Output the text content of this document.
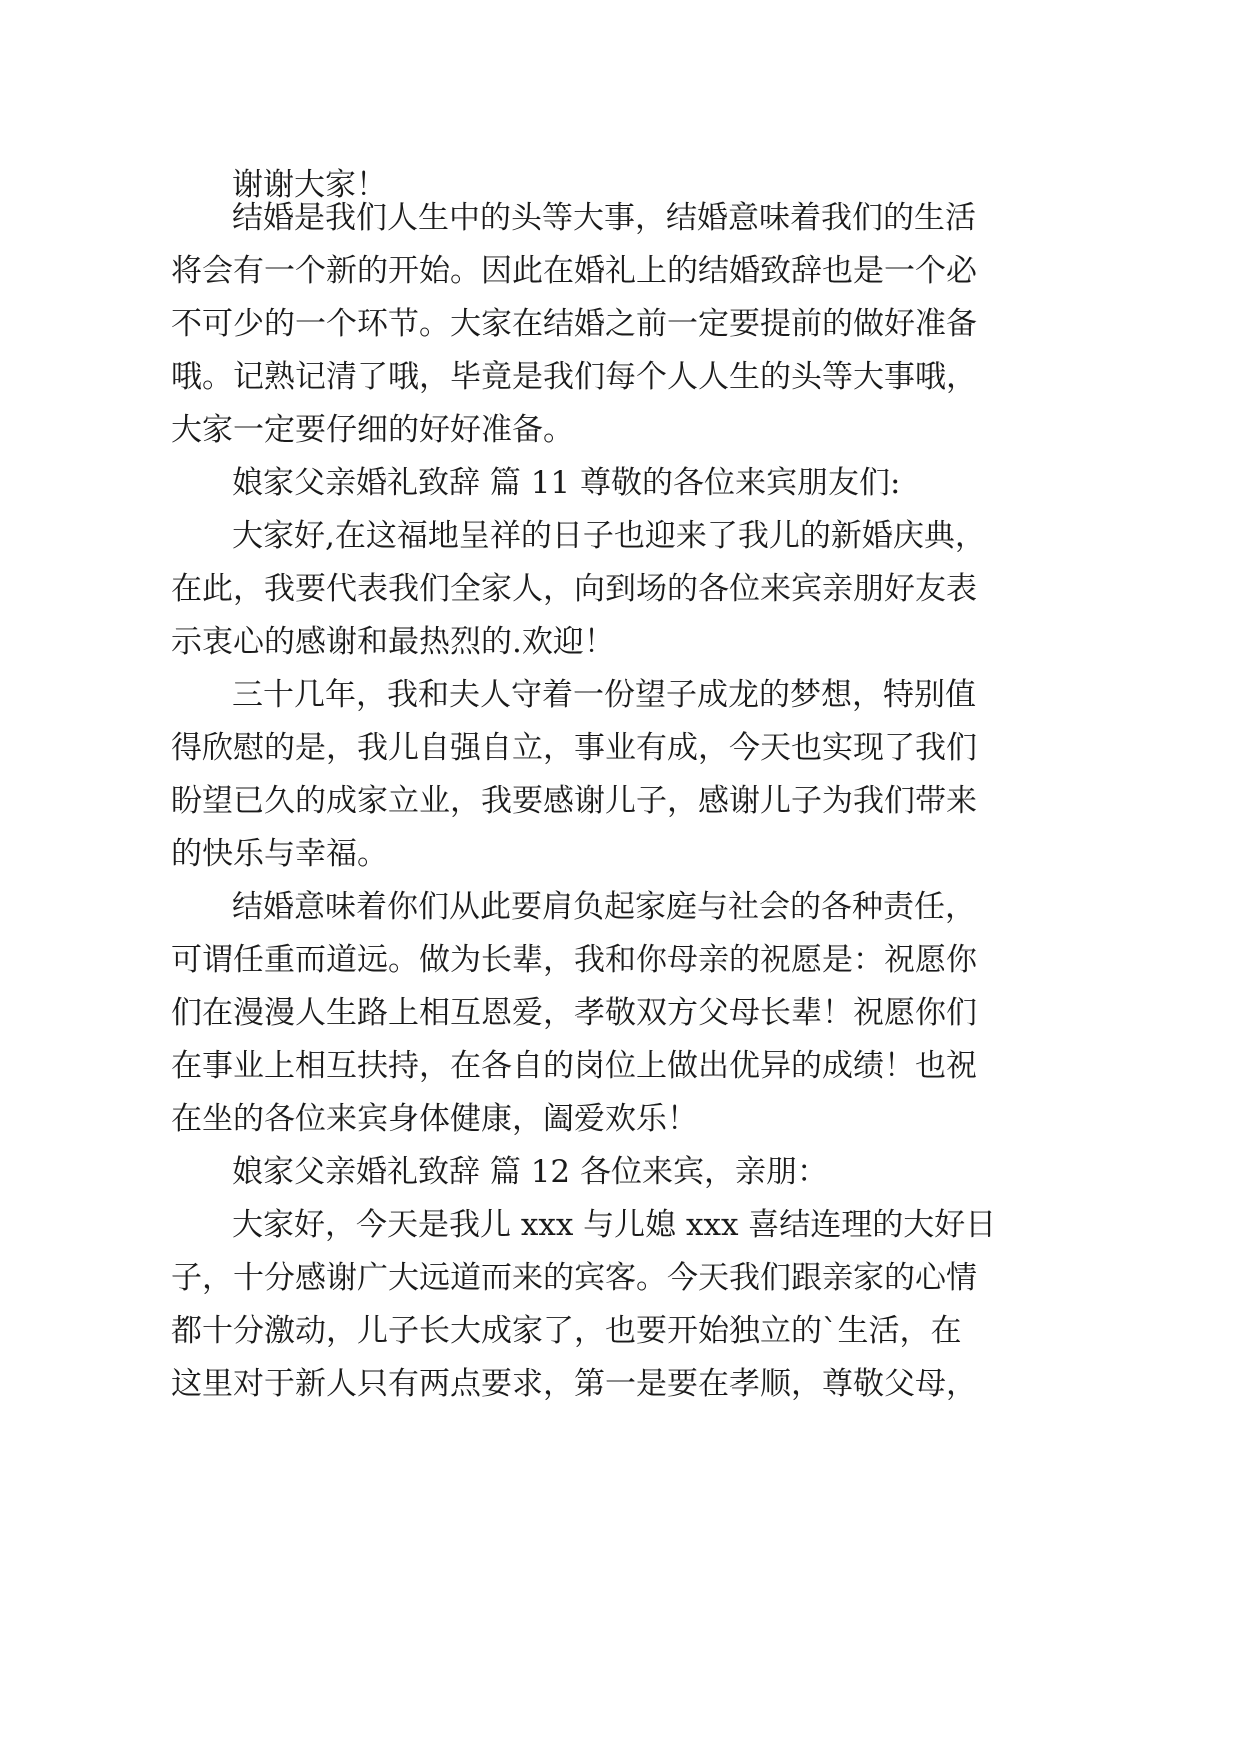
谢谢大家！
结婚是我们人生中的头等大事，结婚意味着我们的生活
将会有一个新的开始。因此在婚礼上的结婚致辞也是一个必
不可少的一个环节。大家在结婚之前一定要提前的做好准备
哦。记熟记清了哦，毕竟是我们每个人人生的头等大事哦，
大家一定要仔细的好好准备。
娘家父亲婚礼致辞 篇 11 尊敬的各位来宾朋友们:
大家好,在这福地呈祥的日子也迎来了我儿的新婚庆典，
在此，我要代表我们全家人，向到场的各位来宾亲朋好友表
示衷心的感谢和最热烈的.欢迎！
三十几年，我和夫人守着一份望子成龙的梦想，特别值
得欣慰的是，我儿自强自立，事业有成，今天也实现了我们
盼望已久的成家立业，我要感谢儿子，感谢儿子为我们带来
的快乐与幸福。
结婚意味着你们从此要肩负起家庭与社会的各种责任，
可谓任重而道远。做为长辈，我和你母亲的祝愿是：祝愿你
们在漫漫人生路上相互恩爱，孝敬双方父母长辈！祝愿你们
在事业上相互扶持，在各自的岗位上做出优异的成绩！也祝
在坐的各位来宾身体健康，阖爱欢乐！
娘家父亲婚礼致辞 篇 12 各位来宾，亲朋：
大家好，今天是我儿 xxx 与儿媳 xxx 喜结连理的大好日
子，十分感谢广大远道而来的宾客。今天我们跟亲家的心情
都十分激动，儿子长大成家了，也要开始独立的`生活，在
这里对于新人只有两点要求，第一是要在孝顺，尊敬父母，
